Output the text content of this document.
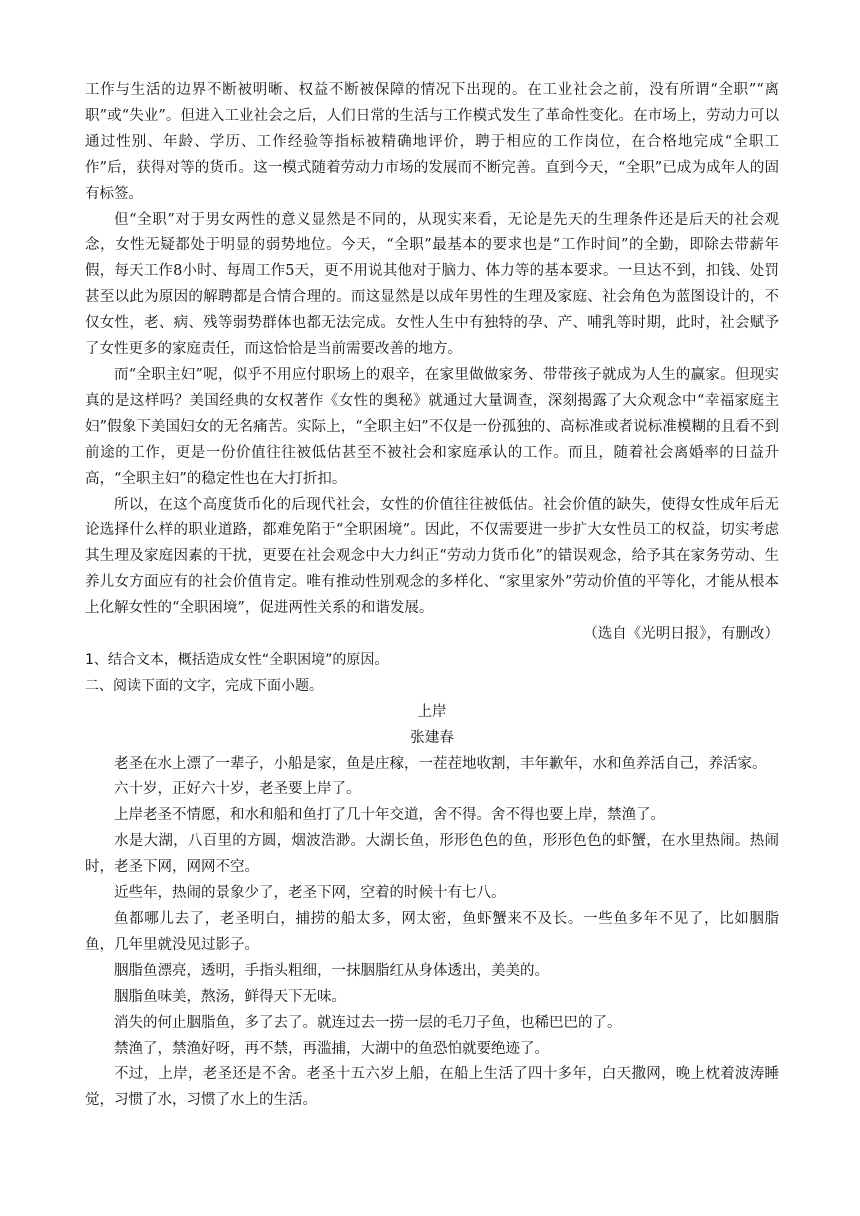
工作与生活的边界不断被明晰、权益不断被保障的情况下出现的。在工业社会之前，没有所谓“全职”“离职”或“失业”。但进入工业社会之后，人们日常的生活与工作模式发生了革命性变化。在市场上，劳动力可以通过性别、年龄、学历、工作经验等指标被精确地评价，聘于相应的工作岗位，在合格地完成“全职工作”后，获得对等的货币。这一模式随着劳动力市场的发展而不断完善。直到今天，“全职”已成为成年人的固有标签。

但“全职”对于男女两性的意义显然是不同的，从现实来看，无论是先天的生理条件还是后天的社会观念，女性无疑都处于明显的弱势地位。今天，“全职”最基本的要求也是“工作时间”的全勤，即除去带薪年假，每天工作8小时、每周工作5天，更不用说其他对于脑力、体力等的基本要求。一旦达不到，扣钱、处罚甚至以此为原因的解聘都是合情合理的。而这显然是以成年男性的生理及家庭、社会角色为蓝图设计的，不仅女性，老、病、残等弱势群体也都无法完成。女性人生中有独特的孕、产、哺乳等时期，此时，社会赋予了女性更多的家庭责任，而这恰恰是当前需要改善的地方。

而“全职主妇”呢，似乎不用应付职场上的艰辛，在家里做做家务、带带孩子就成为人生的赢家。但现实真的是这样吗？美国经典的女权著作《女性的奥秘》就通过大量调查，深刻揭露了大众观念中“幸福家庭主妇”假象下美国妇女的无名痛苦。实际上，“全职主妇”不仅是一份孤独的、高标准或者说标准模糊的且看不到前途的工作，更是一份价值往往被低估甚至不被社会和家庭承认的工作。而且，随着社会离婚率的日益升高，“全职主妇”的稳定性也在大打折扣。

所以，在这个高度货币化的后现代社会，女性的价值往往被低估。社会价值的缺失，使得女性成年后无论选择什么样的职业道路，都难免陷于“全职困境”。因此，不仅需要进一步扩大女性员工的权益，切实考虑其生理及家庭因素的干扰，更要在社会观念中大力纠正“劳动力货币化”的错误观念，给予其在家务劳动、生养儿女方面应有的社会价值肯定。唯有推动性别观念的多样化、“家里家外”劳动价值的平等化，才能从根本上化解女性的“全职困境”，促进两性关系的和谐发展。

（选自《光明日报》，有删改）

1、结合文本，概括造成女性“全职困境”的原因。

二、阅读下面的文字，完成下面小题。

上岸

张建春

老圣在水上漂了一辈子，小船是家，鱼是庄稼，一茬茬地收割，丰年歉年，水和鱼养活自己，养活家。

六十岁，正好六十岁，老圣要上岸了。

上岸老圣不情愿，和水和船和鱼打了几十年交道，舍不得。舍不得也要上岸，禁渔了。

水是大湖，八百里的方圆，烟波浩渺。大湖长鱼，形形色色的鱼，形形色色的虾蟹，在水里热闹。热闹时，老圣下网，网网不空。

近些年，热闹的景象少了，老圣下网，空着的时候十有七八。

鱼都哪儿去了，老圣明白，捕捞的船太多，网太密，鱼虾蟹来不及长。一些鱼多年不见了，比如胭脂鱼，几年里就没见过影子。

胭脂鱼漂亮，透明，手指头粗细，一抹胭脂红从身体透出，美美的。

胭脂鱼味美，熬汤，鲜得天下无味。

消失的何止胭脂鱼，多了去了。就连过去一捞一层的毛刀子鱼，也稀巴巴的了。

禁渔了，禁渔好呀，再不禁，再滥捕，大湖中的鱼恐怕就要绝迹了。

不过，上岸，老圣还是不舍。老圣十五六岁上船，在船上生活了四十多年，白天撒网，晚上枕着波涛睡觉，习惯了水，习惯了水上的生活。
